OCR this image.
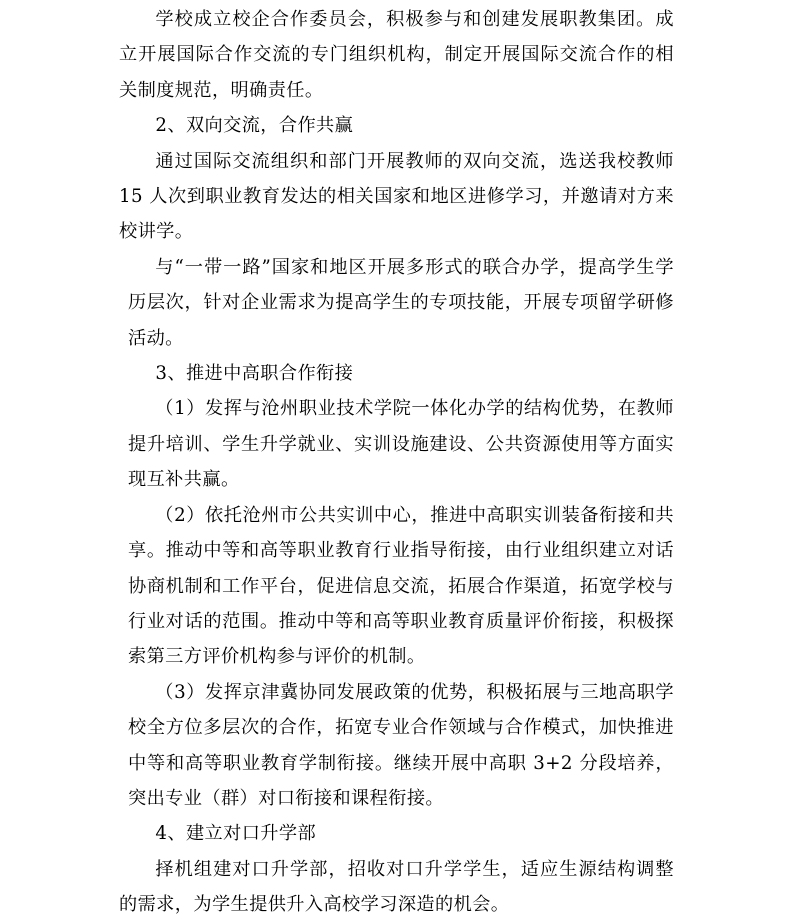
学校成立校企合作委员会，积极参与和创建发展职教集团。成立开展国际合作交流的专门组织机构，制定开展国际交流合作的相关制度规范，明确责任。

2、双向交流，合作共赢

通过国际交流组织和部门开展教师的双向交流，选送我校教师 15 人次到职业教育发达的相关国家和地区进修学习，并邀请对方来校讲学。

与“一带一路”国家和地区开展多形式的联合办学，提高学生学历层次，针对企业需求为提高学生的专项技能，开展专项留学研修活动。

3、推进中高职合作衔接

（1）发挥与沧州职业技术学院一体化办学的结构优势，在教师提升培训、学生升学就业、实训设施建设、公共资源使用等方面实现互补共赢。

（2）依托沧州市公共实训中心，推进中高职实训装备衔接和共享。推动中等和高等职业教育行业指导衔接，由行业组织建立对话协商机制和工作平台，促进信息交流，拓展合作渠道，拓宽学校与行业对话的范围。推动中等和高等职业教育质量评价衔接，积极探索第三方评价机构参与评价的机制。

（3）发挥京津冀协同发展政策的优势，积极拓展与三地高职学校全方位多层次的合作，拓宽专业合作领域与合作模式，加快推进中等和高等职业教育学制衔接。继续开展中高职 3+2 分段培养，突出专业（群）对口衔接和课程衔接。

4、建立对口升学部

择机组建对口升学部，招收对口升学学生，适应生源结构调整的需求，为学生提供升入高校学习深造的机会。
